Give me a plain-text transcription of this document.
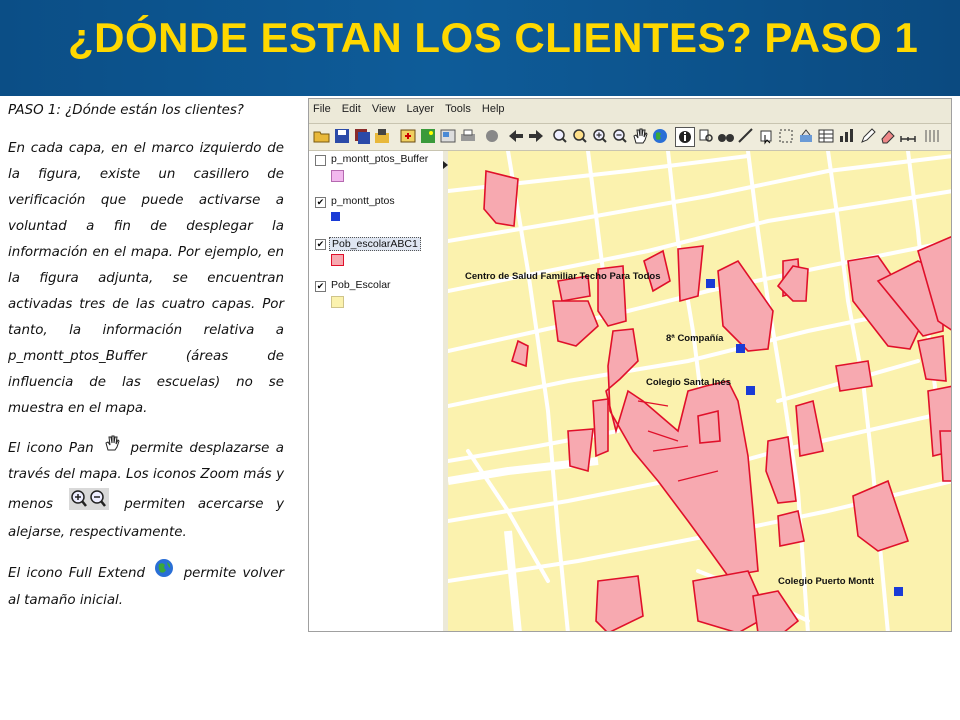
¿DÓNDE ESTAN LOS CLIENTES? PASO 1

PASO 1: ¿Dónde están los clientes?

En cada capa, en el marco izquierdo de la figura, existe un casillero de verificación que puede activarse a voluntad a fin de desplegar la información en el mapa. Por ejemplo, en la figura adjunta, se encuentran activadas tres de las cuatro capas. Por tanto, la información relativa a p_montt_ptos_Buffer (áreas de influencia de las escuelas) no se muestra en el mapa.

El icono Pan	permite desplazarse a través del mapa. Los iconos Zoom más y menos	permiten acercarse y alejarse, respectivamente.

El icono Full Extend	permite volver al tamaño inicial.

File Edit View Layer Tools Help
p_montt_ptos_Buffer
✔ p_montt_ptos
✔ Pob_escolarABC1
✔ Pob_Escolar
Centro de Salud Familiar Techo Para Todos
8ª Compañía
Colegio Santa Inés
Colegio Puerto Montt
